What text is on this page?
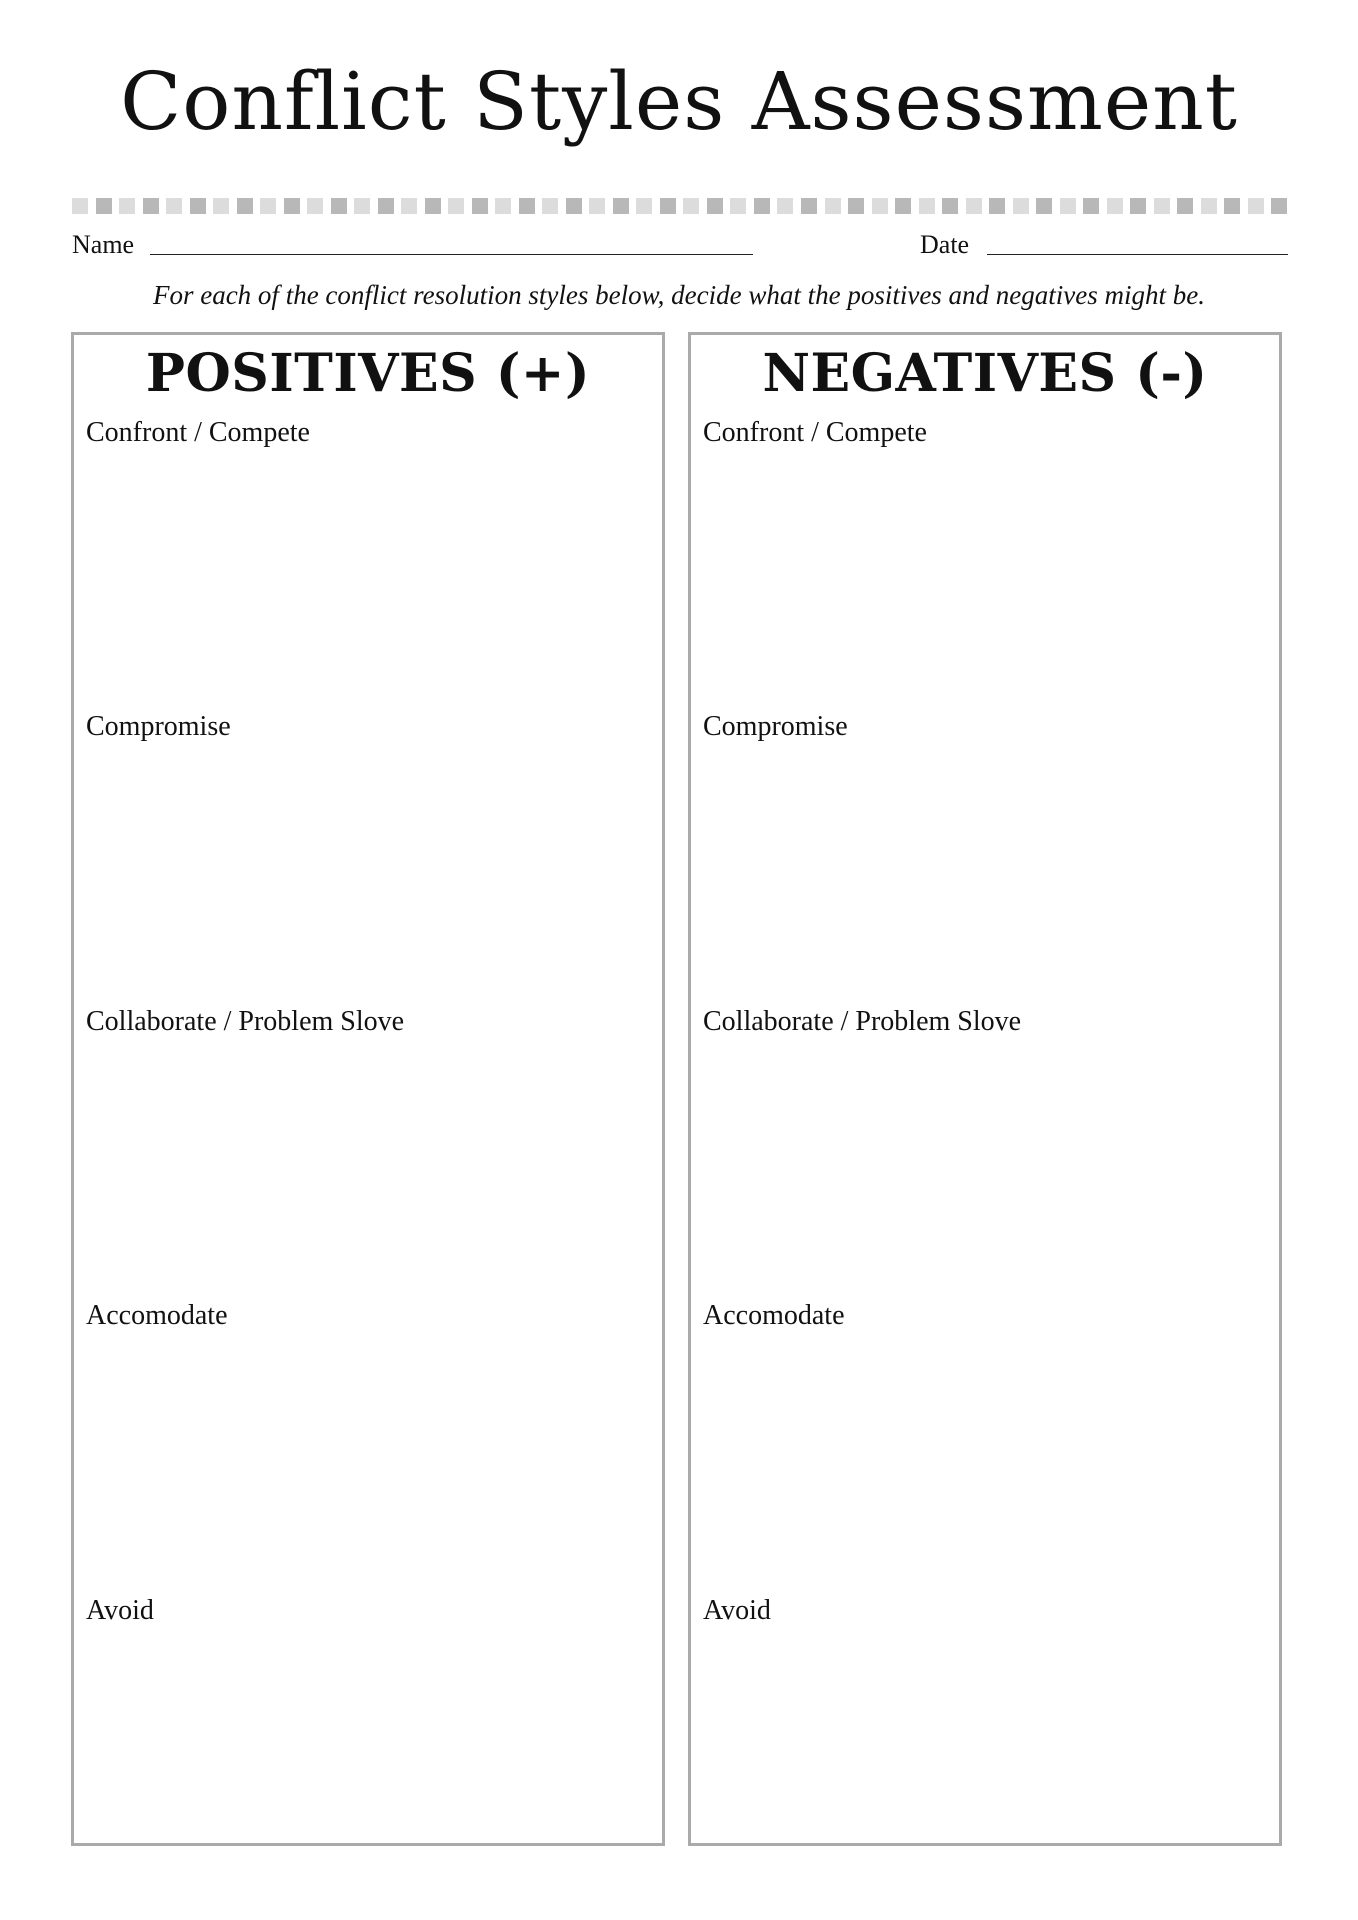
Conflict Styles Assessment
Name	Date
For each of the conflict resolution styles below, decide what the positives and negatives might be.
POSITIVES (+)
Confront / Compete
Compromise
Collaborate / Problem Slove
Accomodate
Avoid
NEGATIVES (-)
Confront / Compete
Compromise
Collaborate / Problem Slove
Accomodate
Avoid
